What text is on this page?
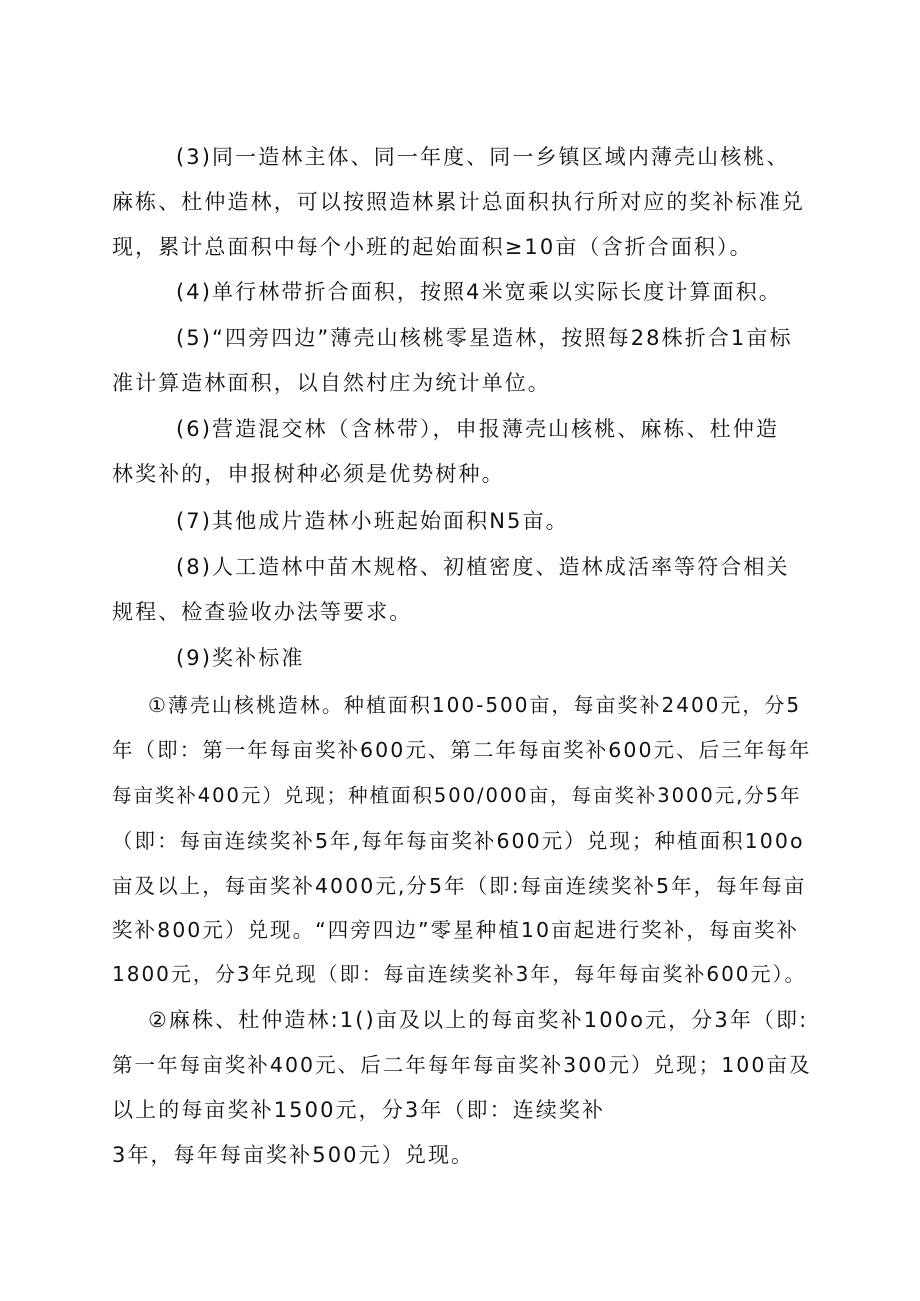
(3)同一造林主体、同一年度、同一乡镇区域内薄壳山核桃、
麻栋、杜仲造林，可以按照造林累计总面积执行所对应的奖补标准兑
现，累计总面积中每个小班的起始面积≥10亩（含折合面积）。
(4)单行林带折合面积，按照4米宽乘以实际长度计算面积。
(5)“四旁四边”薄壳山核桃零星造林，按照每28株折合1亩标
准计算造林面积，以自然村庄为统计单位。
(6)营造混交林（含林带），申报薄壳山核桃、麻栋、杜仲造
林奖补的，申报树种必须是优势树种。
(7)其他成片造林小班起始面积N5亩。
(8)人工造林中苗木规格、初植密度、造林成活率等符合相关
规程、检查验收办法等要求。
(9)奖补标准
①薄壳山核桃造林。种植面积100-500亩，每亩奖补2400元，分5
年（即：第一年每亩奖补600元、第二年每亩奖补600元、后三年每年
每亩奖补400元）兑现；种植面积500/000亩，每亩奖补3000元,分5年
（即：每亩连续奖补5年,每年每亩奖补600元）兑现；种植面积100o
亩及以上，每亩奖补4000元,分5年（即:每亩连续奖补5年，每年每亩
奖补800元）兑现。“四旁四边”零星种植10亩起进行奖补，每亩奖补
1800元，分3年兑现（即：每亩连续奖补3年，每年每亩奖补600元）。
②麻株、杜仲造林:1()亩及以上的每亩奖补100o元，分3年（即:
第一年每亩奖补400元、后二年每年每亩奖补300元）兑现；100亩及
以上的每亩奖补1500元，分3年（即：连续奖补
3年，每年每亩奖补500元）兑现。
